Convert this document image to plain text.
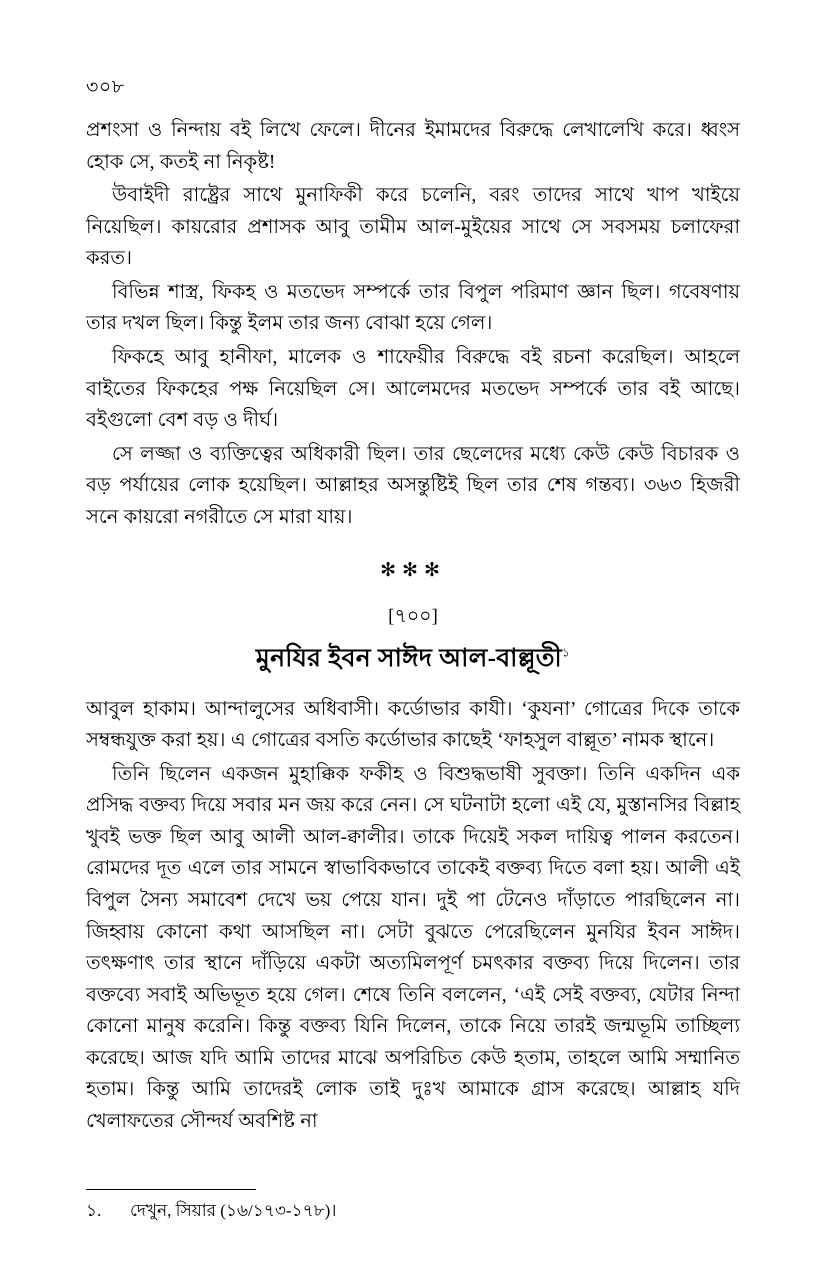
৩০৮

প্রশংসা ও নিন্দায় বই লিখে ফেলে। দীনের ইমামদের বিরুদ্ধে লেখালেখি করে। ধ্বংস হোক সে, কতই না নিকৃষ্ট!

উবাইদী রাষ্ট্রের সাথে মুনাফিকী করে চলেনি, বরং তাদের সাথে খাপ খাইয়ে নিয়েছিল। কায়রোর প্রশাসক আবু তামীম আল-মুইয়ের সাথে সে সবসময় চলাফেরা করত।

বিভিন্ন শাস্ত্র, ফিকহ ও মতভেদ সম্পর্কে তার বিপুল পরিমাণ জ্ঞান ছিল। গবেষণায় তার দখল ছিল। কিন্তু ইলম তার জন্য বোঝা হয়ে গেল।

ফিকহে আবু হানীফা, মালেক ও শাফেয়ীর বিরুদ্ধে বই রচনা করেছিল। আহলে বাইতের ফিকহের পক্ষ নিয়েছিল সে। আলেমদের মতভেদ সম্পর্কে তার বই আছে। বইগুলো বেশ বড় ও দীর্ঘ।

সে লজ্জা ও ব্যক্তিত্বের অধিকারী ছিল। তার ছেলেদের মধ্যে কেউ কেউ বিচারক ও বড় পর্যায়ের লোক হয়েছিল। আল্লাহর অসন্তুষ্টিই ছিল তার শেষ গন্তব্য। ৩৬৩ হিজরী সনে কায়রো নগরীতে সে মারা যায়।

✻✻✻
[৭০০]
মুনযির ইবন সাঈদ আল-বাল্লূতী$^১$

আবুল হাকাম। আন্দালুসের অধিবাসী। কর্ডোভার কাযী। ‘কুযনা’ গোত্রের দিকে তাকে সম্বন্ধযুক্ত করা হয়। এ গোত্রের বসতি কর্ডোভার কাছেই ‘ফাহসুল বাল্লূত’ নামক স্থানে।

তিনি ছিলেন একজন মুহাক্কিক ফকীহ ও বিশুদ্ধভাষী সুবক্তা। তিনি একদিন এক প্রসিদ্ধ বক্তব্য দিয়ে সবার মন জয় করে নেন। সে ঘটনাটা হলো এই যে, মুস্তানসির বিল্লাহ খুবই ভক্ত ছিল আবু আলী আল-ক্বালীর। তাকে দিয়েই সকল দায়িত্ব পালন করতেন। রোমদের দূত এলে তার সামনে স্বাভাবিকভাবে তাকেই বক্তব্য দিতে বলা হয়। আলী এই বিপুল সৈন্য সমাবেশ দেখে ভয় পেয়ে যান। দুই পা টেনেও দাঁড়াতে পারছিলেন না। জিহ্বায় কোনো কথা আসছিল না। সেটা বুঝতে পেরেছিলেন মুনযির ইবন সাঈদ। তৎক্ষণাৎ তার স্থানে দাঁড়িয়ে একটা অত্যমিলপূর্ণ চমৎকার বক্তব্য দিয়ে দিলেন। তার বক্তব্যে সবাই অভিভূত হয়ে গেল। শেষে তিনি বললেন, ‘এই সেই বক্তব্য, যেটার নিন্দা কোনো মানুষ করেনি। কিন্তু বক্তব্য যিনি দিলেন, তাকে নিয়ে তারই জন্মভূমি তাচ্ছিল্য করেছে। আজ যদি আমি তাদের মাঝে অপরিচিত কেউ হতাম, তাহলে আমি সম্মানিত হতাম। কিন্তু আমি তাদেরই লোক তাই দুঃখ আমাকে গ্রাস করেছে। আল্লাহ যদি খেলাফতের সৌন্দর্য অবশিষ্ট না

১. দেখুন, সিয়ার (১৬/১৭৩-১৭৮)।
